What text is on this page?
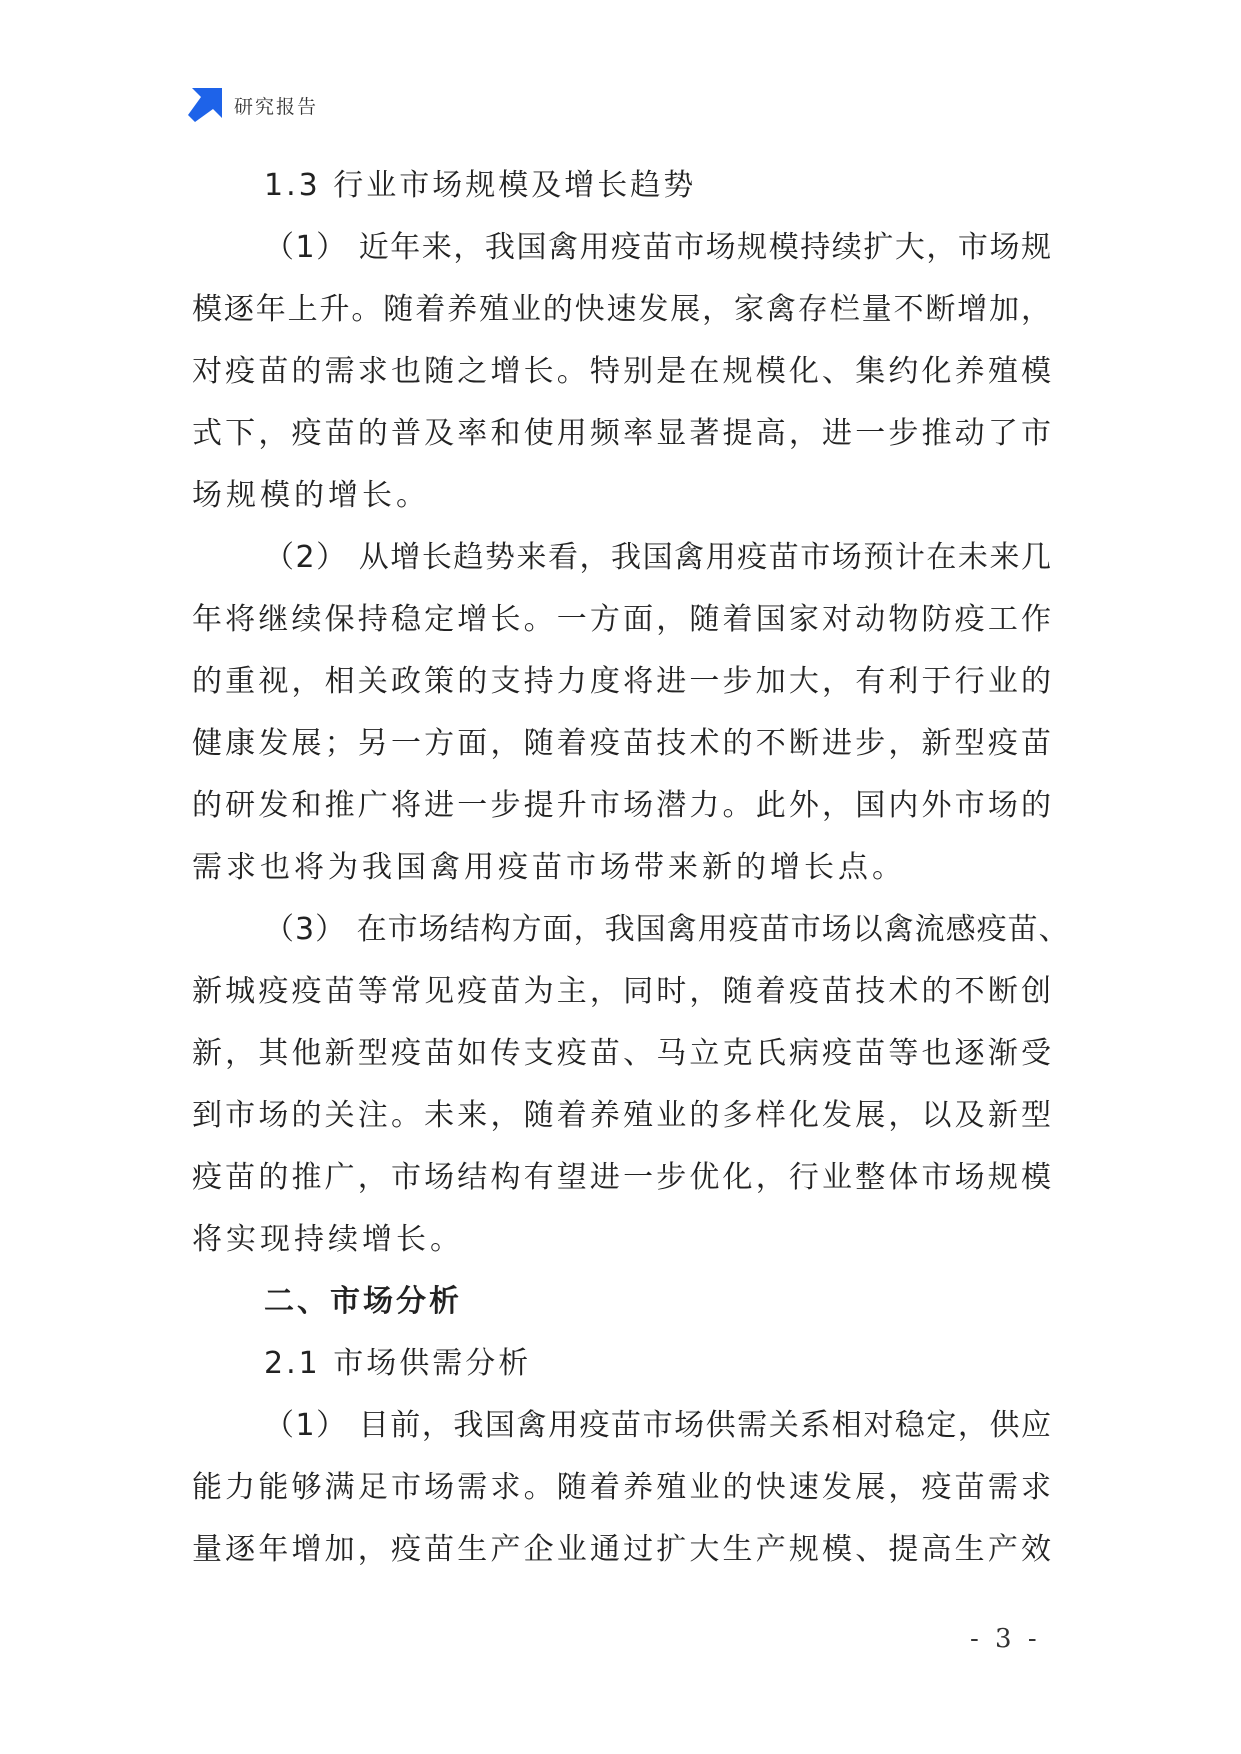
研究报告
1.3 行业市场规模及增长趋势
（1） 近年来，我国禽用疫苗市场规模持续扩大，市场规
模逐年上升。随着养殖业的快速发展，家禽存栏量不断增加，
对疫苗的需求也随之增长。特别是在规模化、集约化养殖模
式下，疫苗的普及率和使用频率显著提高，进一步推动了市
场规模的增长。
（2） 从增长趋势来看，我国禽用疫苗市场预计在未来几
年将继续保持稳定增长。一方面，随着国家对动物防疫工作
的重视，相关政策的支持力度将进一步加大，有利于行业的
健康发展；另一方面，随着疫苗技术的不断进步，新型疫苗
的研发和推广将进一步提升市场潜力。此外，国内外市场的
需求也将为我国禽用疫苗市场带来新的增长点。
（3） 在市场结构方面，我国禽用疫苗市场以禽流感疫苗、
新城疫疫苗等常见疫苗为主，同时，随着疫苗技术的不断创
新，其他新型疫苗如传支疫苗、马立克氏病疫苗等也逐渐受
到市场的关注。未来，随着养殖业的多样化发展，以及新型
疫苗的推广，市场结构有望进一步优化，行业整体市场规模
将实现持续增长。
二、市场分析
2.1 市场供需分析
（1） 目前，我国禽用疫苗市场供需关系相对稳定，供应
能力能够满足市场需求。随着养殖业的快速发展，疫苗需求
量逐年增加，疫苗生产企业通过扩大生产规模、提高生产效
- 3 -
